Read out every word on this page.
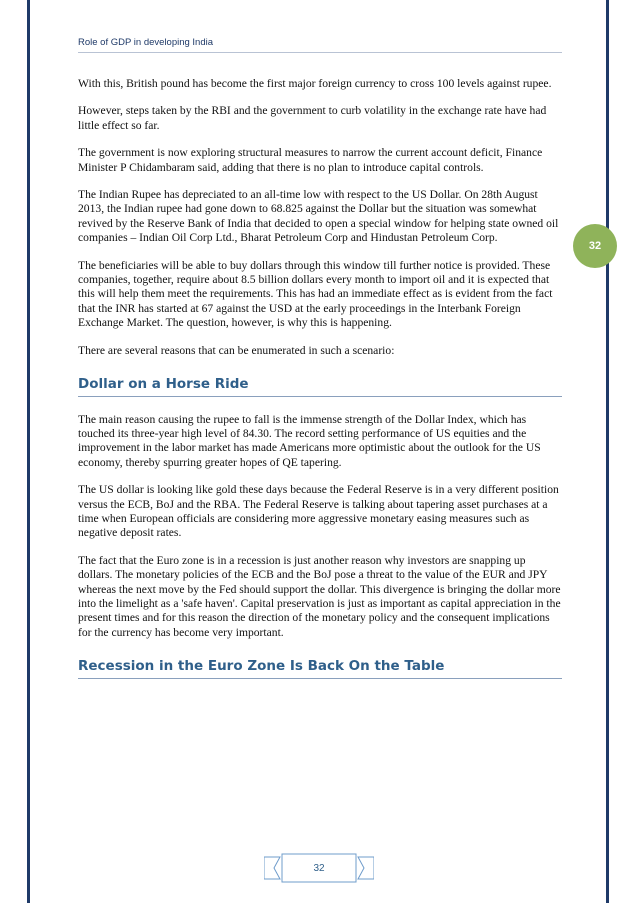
Role of GDP in developing India
32

With this, British pound has become the first major foreign currency to cross 100 levels against rupee.

However, steps taken by the RBI and the government to curb volatility in the exchange rate have had little effect so far.

The government is now exploring structural measures to narrow the current account deficit, Finance Minister P Chidambaram said, adding that there is no plan to introduce capital controls.

The Indian Rupee has depreciated to an all-time low with respect to the US Dollar. On 28th August 2013, the Indian rupee had gone down to 68.825 against the Dollar but the situation was somewhat revived by the Reserve Bank of India that decided to open a special window for helping state owned oil companies – Indian Oil Corp Ltd., Bharat Petroleum Corp and Hindustan Petroleum Corp.

The beneficiaries will be able to buy dollars through this window till further notice is provided. These companies, together, require about 8.5 billion dollars every month to import oil and it is expected that this will help them meet the requirements. This has had an immediate effect as is evident from the fact that the INR has started at 67 against the USD at the early proceedings in the Interbank Foreign Exchange Market. The question, however, is why this is happening.

There are several reasons that can be enumerated in such a scenario:

Dollar on a Horse Ride

The main reason causing the rupee to fall is the immense strength of the Dollar Index, which has touched its three-year high level of 84.30. The record setting performance of US equities and the improvement in the labor market has made Americans more optimistic about the outlook for the US economy, thereby spurring greater hopes of QE tapering.

The US dollar is looking like gold these days because the Federal Reserve is in a very different position versus the ECB, BoJ and the RBA. The Federal Reserve is talking about tapering asset purchases at a time when European officials are considering more aggressive monetary easing measures such as negative deposit rates.

The fact that the Euro zone is in a recession is just another reason why investors are snapping up dollars. The monetary policies of the ECB and the BoJ pose a threat to the value of the EUR and JPY whereas the next move by the Fed should support the dollar. This divergence is bringing the dollar more into the limelight as a 'safe haven'. Capital preservation is just as important as capital appreciation in the present times and for this reason the direction of the monetary policy and the consequent implications for the currency has become very important.

Recession in the Euro Zone Is Back On the Table
32
